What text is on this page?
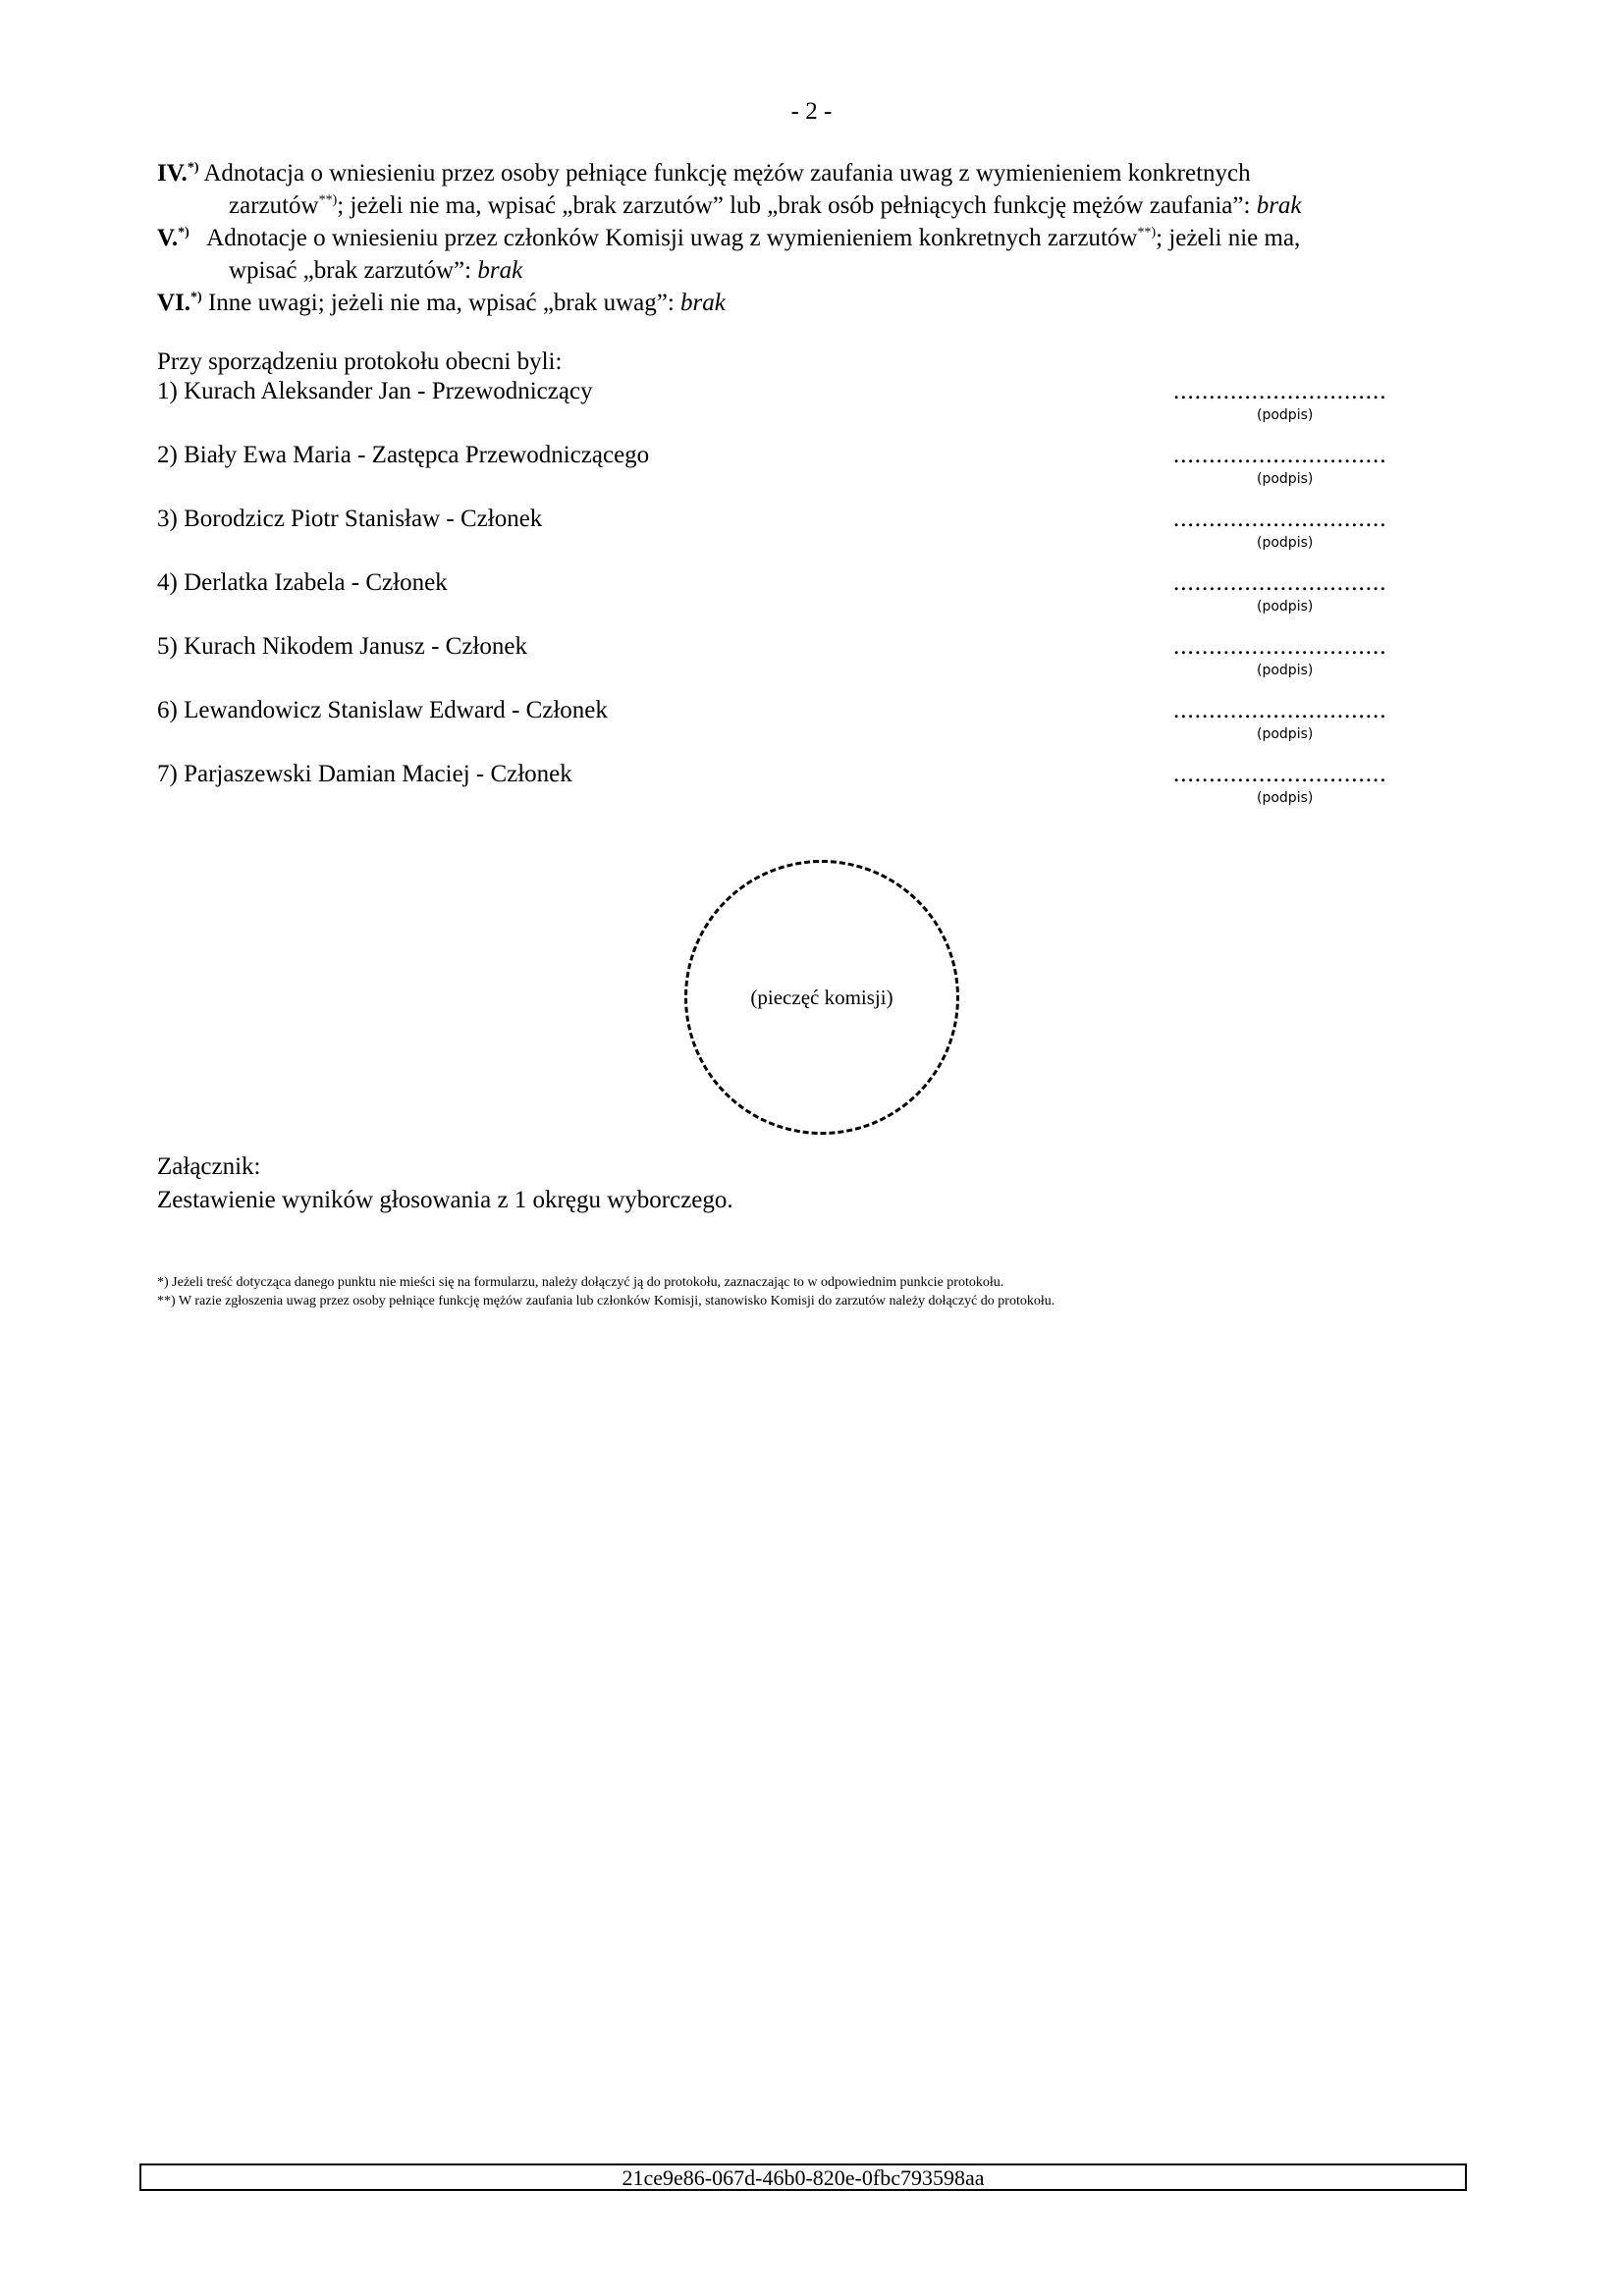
- 2 -
IV.*) Adnotacja o wniesieniu przez osoby pełniące funkcję mężów zaufania uwag z wymienieniem konkretnych
zarzutów**); jeżeli nie ma, wpisać „brak zarzutów” lub „brak osób pełniących funkcję mężów zaufania”: brak
V.*) Adnotacje o wniesieniu przez członków Komisji uwag z wymienieniem konkretnych zarzutów**); jeżeli nie ma,
wpisać „brak zarzutów”: brak
VI.*) Inne uwagi; jeżeli nie ma, wpisać „brak uwag”: brak
Przy sporządzeniu protokołu obecni byli:
1) Kurach Aleksander Jan - Przewodniczący	..............................
(podpis)
2) Biały Ewa Maria - Zastępca Przewodniczącego	..............................
(podpis)
3) Borodzicz Piotr Stanisław - Członek	..............................
(podpis)
4) Derlatka Izabela - Członek	..............................
(podpis)
5) Kurach Nikodem Janusz - Członek	..............................
(podpis)
6) Lewandowicz Stanislaw Edward - Członek	..............................
(podpis)
7) Parjaszewski Damian Maciej - Członek	..............................
(podpis)
(pieczęć komisji)
Załącznik:
Zestawienie wyników głosowania z 1 okręgu wyborczego.
*) Jeżeli treść dotycząca danego punktu nie mieści się na formularzu, należy dołączyć ją do protokołu, zaznaczając to w odpowiednim punkcie protokołu.
**) W razie zgłoszenia uwag przez osoby pełniące funkcję mężów zaufania lub członków Komisji, stanowisko Komisji do zarzutów należy dołączyć do protokołu.
21ce9e86-067d-46b0-820e-0fbc793598aa
